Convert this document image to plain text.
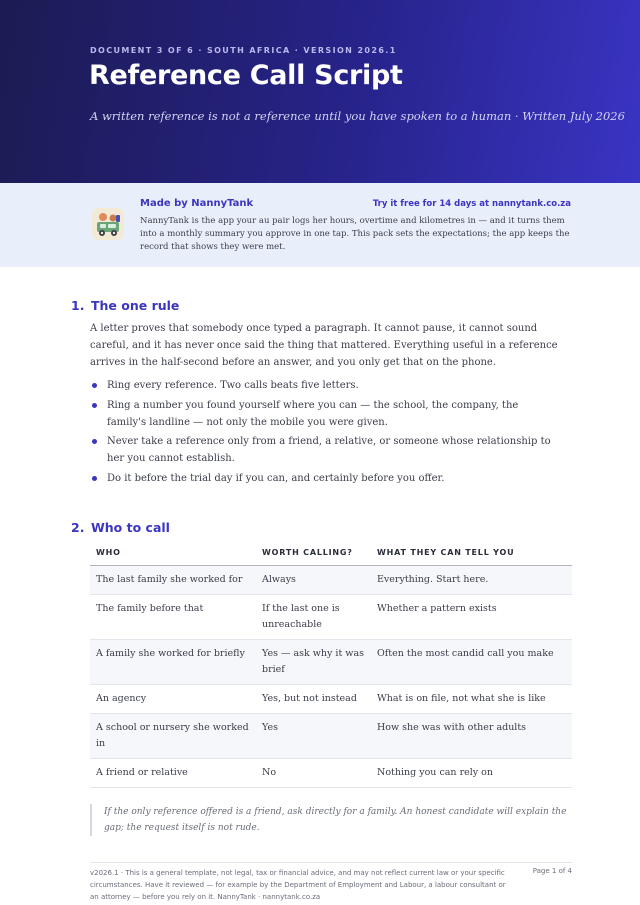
DOCUMENT 3 OF 6 · SOUTH AFRICA · VERSION 2026.1
Reference Call Script
A written reference is not a reference until you have spoken to a human · Written July 2026
Made by NannyTank	Try it free for 14 days at nannytank.co.za
NannyTank is the app your au pair logs her hours, overtime and kilometres in — and it turns them into a monthly summary you approve in one tap. This pack sets the expectations; the app keeps the record that shows they were met.
1. The one rule

A letter proves that somebody once typed a paragraph. It cannot pause, it cannot sound careful, and it has never once said the thing that mattered. Everything useful in a reference arrives in the half-second before an answer, and you only get that on the phone.

Ring every reference. Two calls beats five letters.
Ring a number you found yourself where you can — the school, the company, the family's landline — not only the mobile you were given.
Never take a reference only from a friend, a relative, or someone whose relationship to her you cannot establish.
Do it before the trial day if you can, and certainly before you offer.
2. Who to call
WHO	WORTH CALLING?	WHAT THEY CAN TELL YOU
The last family she worked for	Always	Everything. Start here.
The family before that	If the last one is unreachable	Whether a pattern exists
A family she worked for briefly	Yes — ask why it was brief	Often the most candid call you make
An agency	Yes, but not instead	What is on file, not what she is like
A school or nursery she worked in	Yes	How she was with other adults
A friend or relative	No	Nothing you can rely on
If the only reference offered is a friend, ask directly for a family. An honest candidate will explain the gap; the request itself is not rude.
v2026.1 · This is a general template, not legal, tax or financial advice, and may not reflect current law or your specific circumstances. Have it reviewed — for example by the Department of Employment and Labour, a labour consultant or an attorney — before you rely on it. NannyTank · nannytank.co.za
Page 1 of 4
